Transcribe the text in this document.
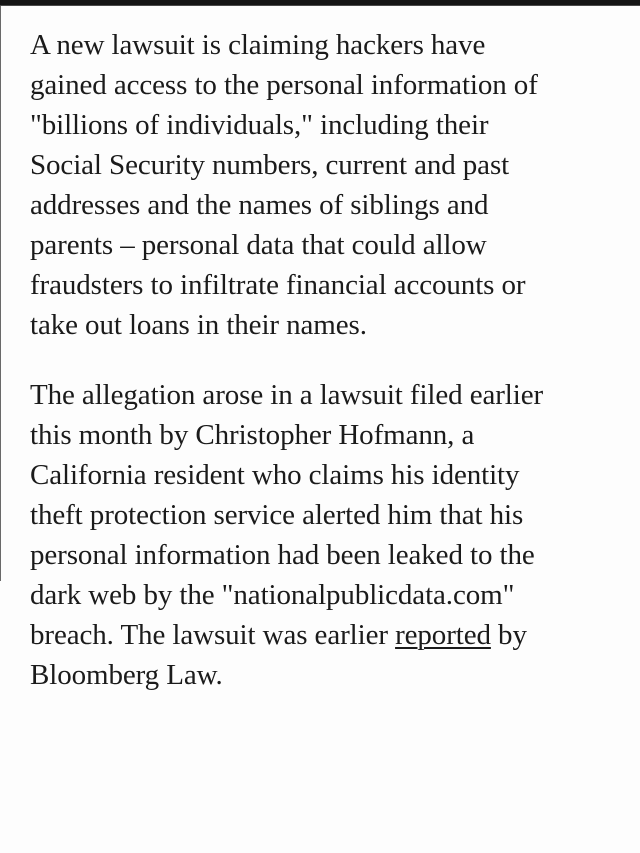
A new lawsuit is claiming hackers have
gained access to the personal information of
"billions of individuals," including their
Social Security numbers, current and past
addresses and the names of siblings and
parents – personal data that could allow
fraudsters to infiltrate financial accounts or
take out loans in their names.
The allegation arose in a lawsuit filed earlier
this month by Christopher Hofmann, a
California resident who claims his identity
theft protection service alerted him that his
personal information had been leaked to the
dark web by the "nationalpublicdata.com"
breach. The lawsuit was earlier reported by
Bloomberg Law.
